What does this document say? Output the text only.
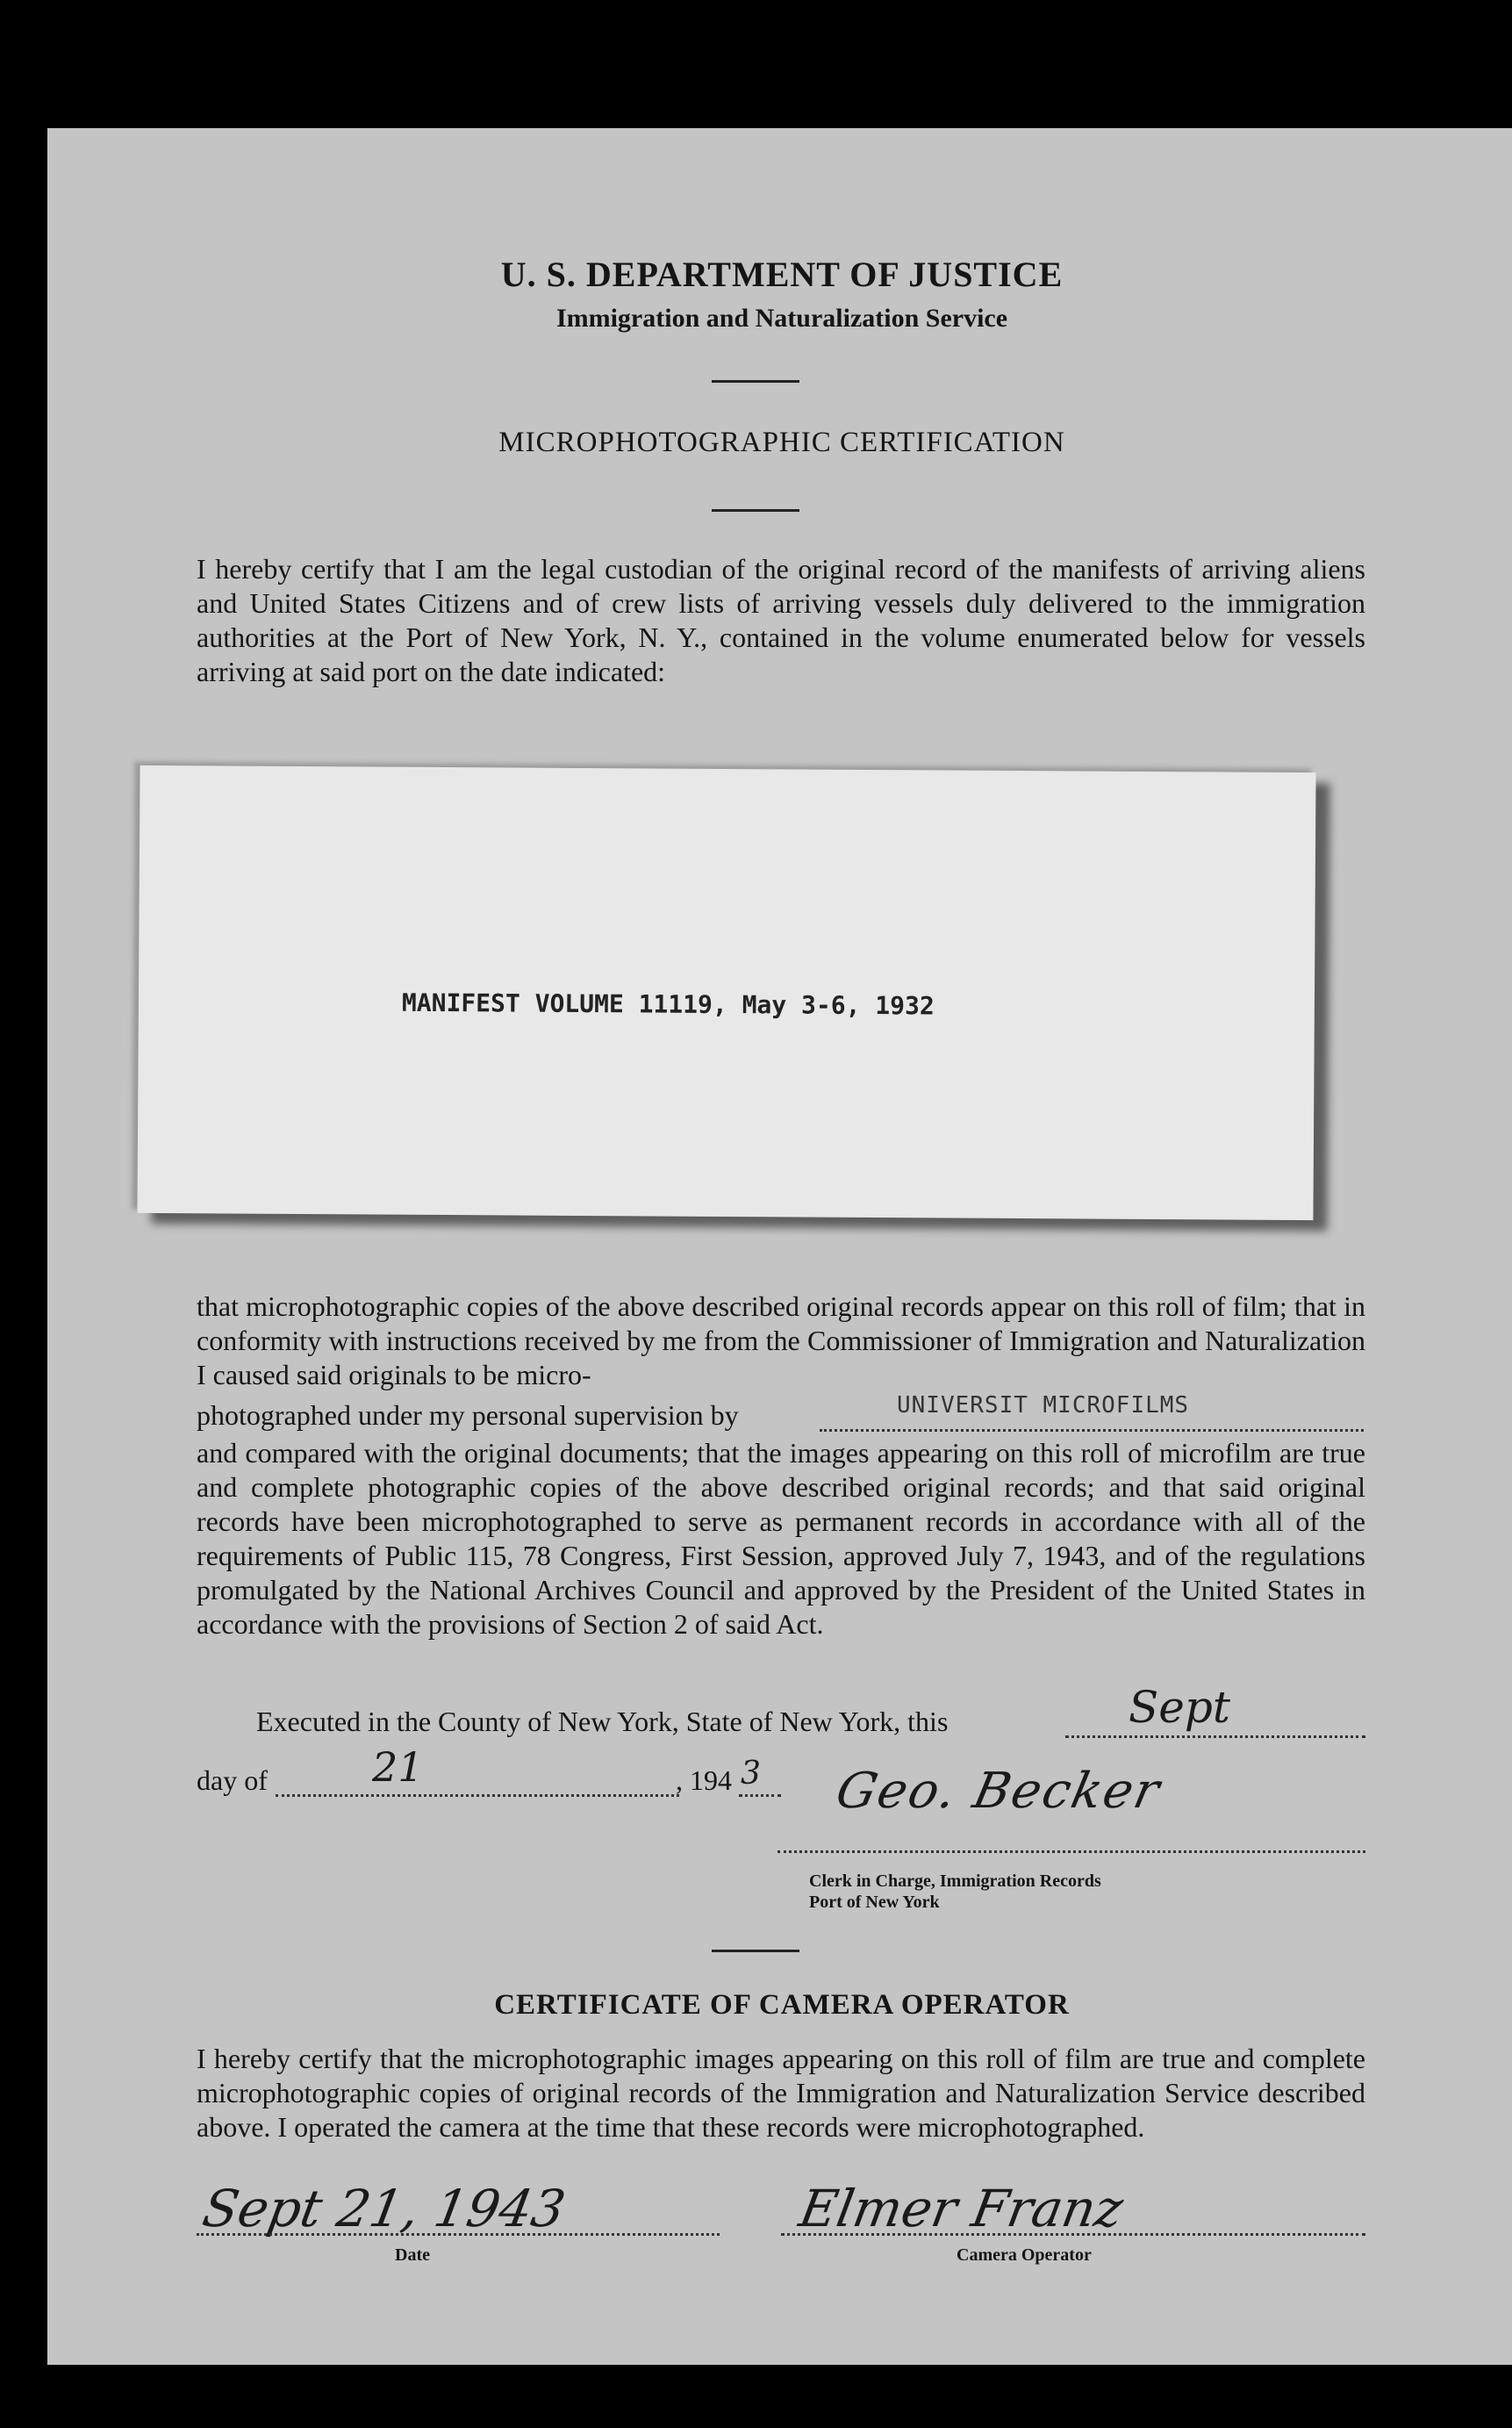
U. S. DEPARTMENT OF JUSTICE
Immigration and Naturalization Service
MICROPHOTOGRAPHIC CERTIFICATION
I hereby certify that I am the legal custodian of the original record of the manifests of arriving aliens and United States Citizens and of crew lists of arriving vessels duly delivered to the immigration authorities at the Port of New York, N. Y., contained in the volume enumerated below for vessels arriving at said port on the date indicated:
MANIFEST VOLUME 11119, May 3-6, 1932
that microphotographic copies of the above described original records appear on this roll of film; that in conformity with instructions received by me from the Commissioner of Immigration and Naturalization I caused said originals to be micro-
photographed under my personal supervision by	UNIVERSIT MICROFILMS
and compared with the original documents; that the images appearing on this roll of microfilm are true and complete photographic copies of the above described original records; and that said original records have been microphotographed to serve as permanent records in accordance with all of the requirements of Public 115, 78 Congress, First Session, approved July 7, 1943, and of the regulations promulgated by the National Archives Council and approved by the President of the United States in accordance with the provisions of Section 2 of said Act.
Executed in the County of New York, State of New York, this	Sept
day of	21	, 194 3 Geo. Becker
Clerk in Charge, Immigration Records
Port of New York
CERTIFICATE OF CAMERA OPERATOR
I hereby certify that the microphotographic images appearing on this roll of film are true and complete microphotographic copies of original records of the Immigration and Naturalization Service described above. I operated the camera at the time that these records were microphotographed.
Sept 21, 1943
Date
Elmer Franz
Camera Operator
